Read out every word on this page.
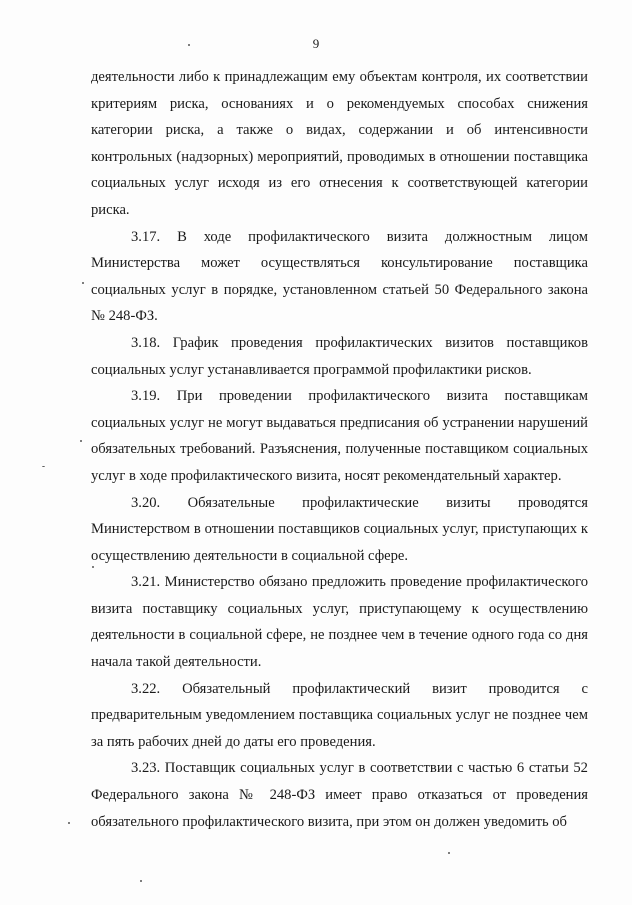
9

деятельности либо к принадлежащим ему объектам контроля, их соответствии критериям риска, основаниях и о рекомендуемых способах снижения категории риска, а также о видах, содержании и об интенсивности контрольных (надзорных) мероприятий, проводимых в отношении поставщика социальных услуг исходя из его отнесения к соответствующей категории риска.

3.17. В ходе профилактического визита должностным лицом Министерства может осуществляться консультирование поставщика социальных услуг в порядке, установленном статьей 50 Федерального закона № 248-ФЗ.

3.18. График проведения профилактических визитов поставщиков социальных услуг устанавливается программой профилактики рисков.

3.19. При проведении профилактического визита поставщикам социальных услуг не могут выдаваться предписания об устранении нарушений обязательных требований. Разъяснения, полученные поставщиком социальных услуг в ходе профилактического визита, носят рекомендательный характер.

3.20. Обязательные профилактические визиты проводятся Министерством в отношении поставщиков социальных услуг, приступающих к осуществлению деятельности в социальной сфере.

3.21. Министерство обязано предложить проведение профилактического визита поставщику социальных услуг, приступающему к осуществлению деятельности в социальной сфере, не позднее чем в течение одного года со дня начала такой деятельности.

3.22. Обязательный профилактический визит проводится с предварительным уведомлением поставщика социальных услуг не позднее чем за пять рабочих дней до даты его проведения.

3.23. Поставщик социальных услуг в соответствии с частью 6 статьи 52 Федерального закона № 248-ФЗ имеет право отказаться от проведения обязательного профилактического визита, при этом он должен уведомить об
